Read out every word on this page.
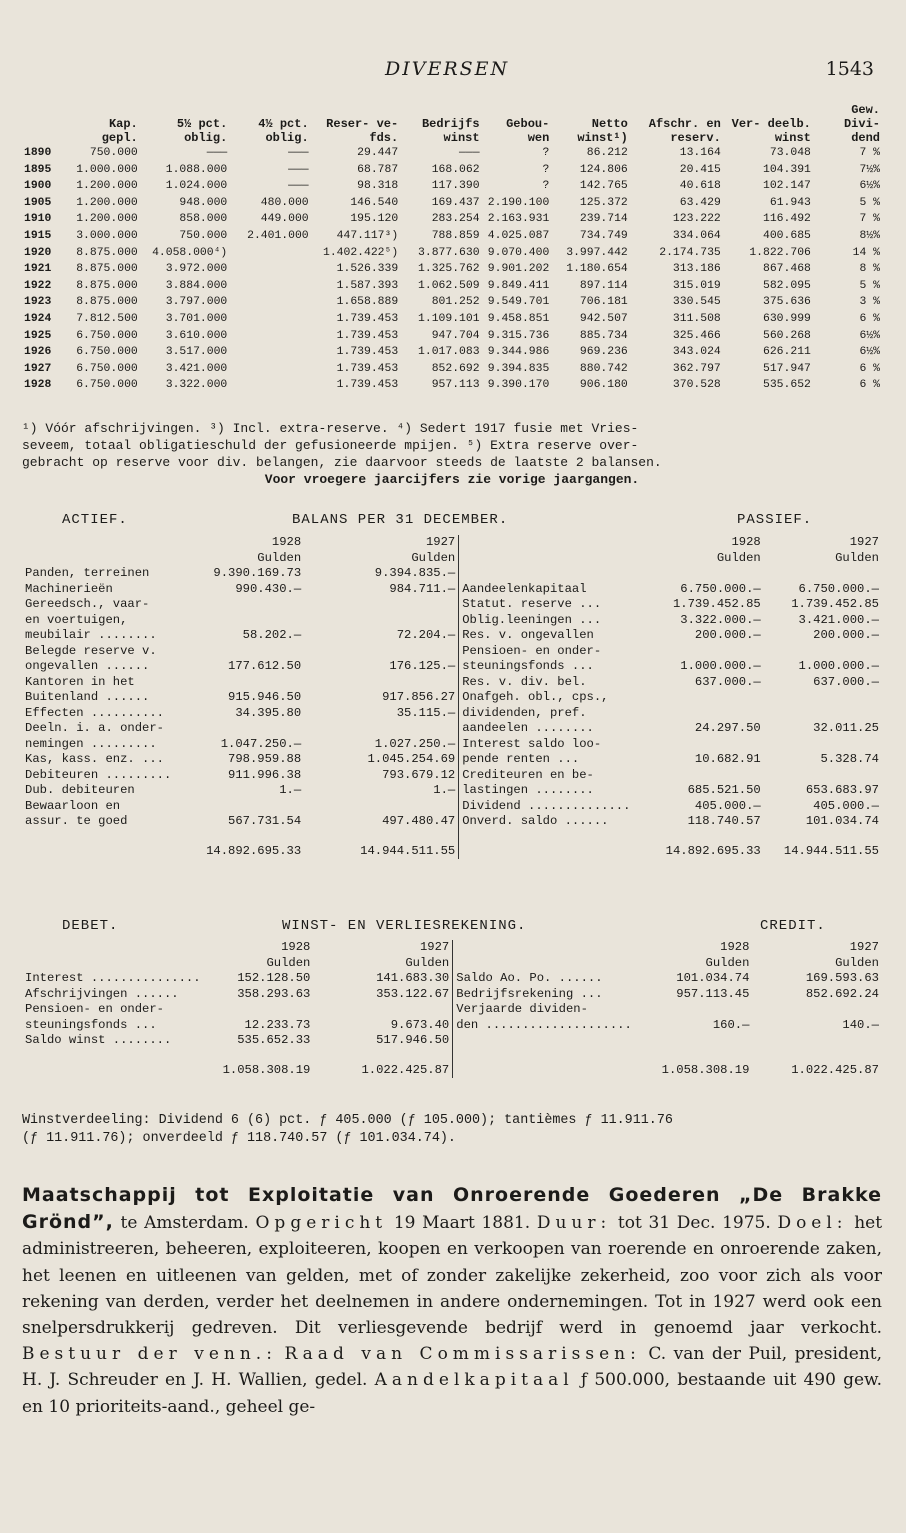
DIVERSEN	1543
	Kap. gepl.	5½ pct. oblig.	4½ pct. oblig.	Reser- ve-fds.	Bedrijfs winst	Gebou- wen	Netto winst¹)	Afschr. en reserv.	Ver- deelb. winst	Gew. Divi- dend
1890	750.000	———	———	29.447	———	?	86.212	13.164	73.048	7 %
1895	1.000.000	1.088.000	———	68.787	168.062	?	124.806	20.415	104.391	7½%
1900	1.200.000	1.024.000	———	98.318	117.390	?	142.765	40.618	102.147	6½%
1905	1.200.000	948.000	480.000	146.540	169.437	2.190.100	125.372	63.429	61.943	5 %
1910	1.200.000	858.000	449.000	195.120	283.254	2.163.931	239.714	123.222	116.492	7 %
1915	3.000.000	750.000	2.401.000	447.117³)	788.859	4.025.087	734.749	334.064	400.685	8½%
1920	8.875.000	4.058.000⁴)		1.402.422⁵)	3.877.630	9.070.400	3.997.442	2.174.735	1.822.706	14 %
1921	8.875.000	3.972.000		1.526.339	1.325.762	9.901.202	1.180.654	313.186	867.468	8 %
1922	8.875.000	3.884.000		1.587.393	1.062.509	9.849.411	897.114	315.019	582.095	5 %
1923	8.875.000	3.797.000		1.658.889	801.252	9.549.701	706.181	330.545	375.636	3 %
1924	7.812.500	3.701.000		1.739.453	1.109.101	9.458.851	942.507	311.508	630.999	6 %
1925	6.750.000	3.610.000		1.739.453	947.704	9.315.736	885.734	325.466	560.268	6½%
1926	6.750.000	3.517.000		1.739.453	1.017.083	9.344.986	969.236	343.024	626.211	6½%
1927	6.750.000	3.421.000		1.739.453	852.692	9.394.835	880.742	362.797	517.947	6 %
1928	6.750.000	3.322.000		1.739.453	957.113	9.390.170	906.180	370.528	535.652	6 %

¹) Vóór afschrijvingen. ³) Incl. extra-reserve. ⁴) Sedert 1917 fusie met Vries-

seveem, totaal obligatieschuld der gefusioneerde mpijen. ⁵) Extra reserve over-

gebracht op reserve voor div. belangen, zie daarvoor steeds de laatste 2 balansen.

Voor vroegere jaarcijfers zie vorige jaargangen.

ACTIEF.	BALANS PER 31 DECEMBER.	PASSIEF.
	1928	1927		1928	1927
	Gulden	Gulden		Gulden	Gulden
Panden, terreinen	9.390.169.73	9.394.835.—			
Machinerieën	990.430.—	984.711.—	Aandeelenkapitaal	6.750.000.—	6.750.000.—
Gereedsch., vaar-			Statut. reserve ...	1.739.452.85	1.739.452.85
en voertuigen,			Oblig.leeningen ...	3.322.000.—	3.421.000.—
meubilair ........	58.202.—	72.204.—	Res. v. ongevallen	200.000.—	200.000.—
Belegde reserve v.			Pensioen- en onder-		
ongevallen ......	177.612.50	176.125.—	steuningsfonds ...	1.000.000.—	1.000.000.—
Kantoren in het			Res. v. div. bel.	637.000.—	637.000.—
Buitenland ......	915.946.50	917.856.27	Onafgeh. obl., cps.,		
Effecten ..........	34.395.80	35.115.—	dividenden, pref.		
Deeln. i. a. onder-			aandeelen ........	24.297.50	32.011.25
nemingen .........	1.047.250.—	1.027.250.—	Interest saldo loo-		
Kas, kass. enz. ...	798.959.88	1.045.254.69	pende renten ...	10.682.91	5.328.74
Debiteuren .........	911.996.38	793.679.12	Crediteuren en be-		
Dub. debiteuren	1.—	1.—	lastingen ........	685.521.50	653.683.97
Bewaarloon en			Dividend ..............	405.000.—	405.000.—
assur. te goed	567.731.54	497.480.47	Onverd. saldo ......	118.740.57	101.034.74
	14.892.695.33	14.944.511.55		14.892.695.33	14.944.511.55
DEBET.	WINST- EN VERLIESREKENING.	CREDIT.
	1928	1927		1928	1927
	Gulden	Gulden		Gulden	Gulden
Interest ...............	152.128.50	141.683.30	Saldo Ao. Po. ......	101.034.74	169.593.63
Afschrijvingen ......	358.293.63	353.122.67	Bedrijfsrekening ...	957.113.45	852.692.24
Pensioen- en onder-			Verjaarde dividen-		
steuningsfonds ...	12.233.73	9.673.40	den ....................	160.—	140.—
Saldo winst ........	535.652.33	517.946.50			
	1.058.308.19	1.022.425.87		1.058.308.19	1.022.425.87

Winstverdeeling: Dividend 6 (6) pct. ƒ 405.000 (ƒ 105.000); tantièmes ƒ 11.911.76

(ƒ 11.911.76); onverdeeld ƒ 118.740.57 (ƒ 101.034.74).

Maatschappij tot Exploitatie van Onroerende Goederen „De Brakke Grönd”, te Amsterdam. Opgericht 19 Maart 1881. Duur: tot 31 Dec. 1975. Doel: het administreeren, beheeren, exploiteeren, koopen en verkoopen van roerende en onroerende zaken, het leenen en uitleenen van gelden, met of zonder zakelijke zekerheid, zoo voor zich als voor rekening van derden, verder het deelnemen in andere ondernemingen. Tot in 1927 werd ook een snelpersdrukkerij gedreven. Dit verliesgevende bedrijf werd in genoemd jaar verkocht. Bestuur der venn.: Raad van Commissarissen: C. van der Puil, president, H. J. Schreuder en J. H. Wallien, gedel. Aandelkapitaal ƒ 500.000, bestaande uit 490 gew. en 10 prioriteits-aand., geheel ge-
